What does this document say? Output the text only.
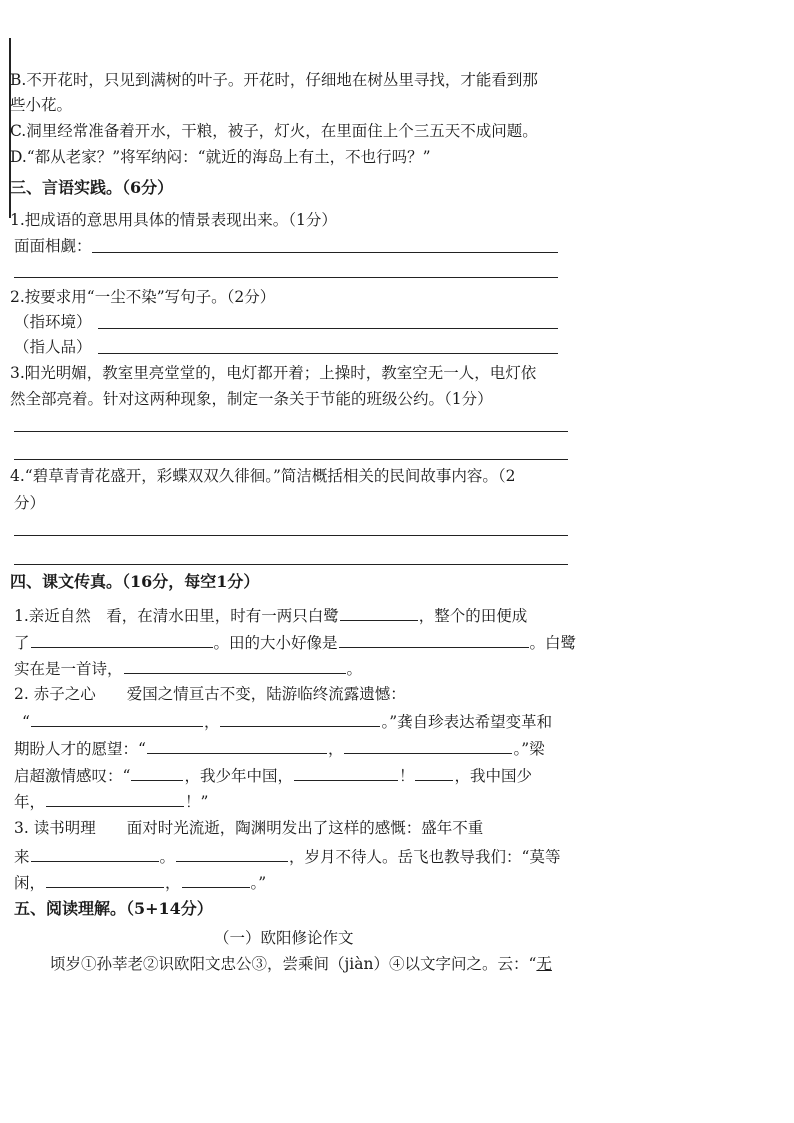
B.不开花时，只见到满树的叶子。开花时，仔细地在树丛里寻找，才能看到那
些小花。
C.洞里经常准备着开水，干粮，被子，灯火，在里面住上个三五天不成问题。
D.“都从老家？”将军纳闷：“就近的海岛上有土，不也行吗？”
三、言语实践。（6分）
1.把成语的意思用具体的情景表现出来。（1分）
面面相觑：
2.按要求用“一尘不染”写句子。（2分）
（指环境）
（指人品）
3.阳光明媚，教室里亮堂堂的，电灯都开着；上操时，教室空无一人，电灯依
然全部亮着。针对这两种现象，制定一条关于节能的班级公约。（1分）
4.“碧草青青花盛开，彩蝶双双久徘徊。”简洁概括相关的民间故事内容。（2
分）
四、课文传真。（16分，每空1分）
1.亲近自然　看，在清水田里，时有一两只白鹭	，整个的田便成
了	。田的大小好像是	。白鹭
实在是一首诗，	。
2. 赤子之心　　爱国之情亘古不变，陆游临终流露遗憾：
“	，	。”龚自珍表达希望变革和
期盼人才的愿望：“	，	。”梁
启超激情感叹：“	，我少年中国，	！	，我中国少
年，	！”
3. 读书明理　　面对时光流逝，陶渊明发出了这样的感慨：盛年不重
来	。	，岁月不待人。岳飞也教导我们：“莫等
闲，	，	。”
五、阅读理解。（5+14分）
（一）欧阳修论作文
顷岁①孙莘老②识欧阳文忠公③，尝乘间（jiàn）④以文字问之。云：“无
